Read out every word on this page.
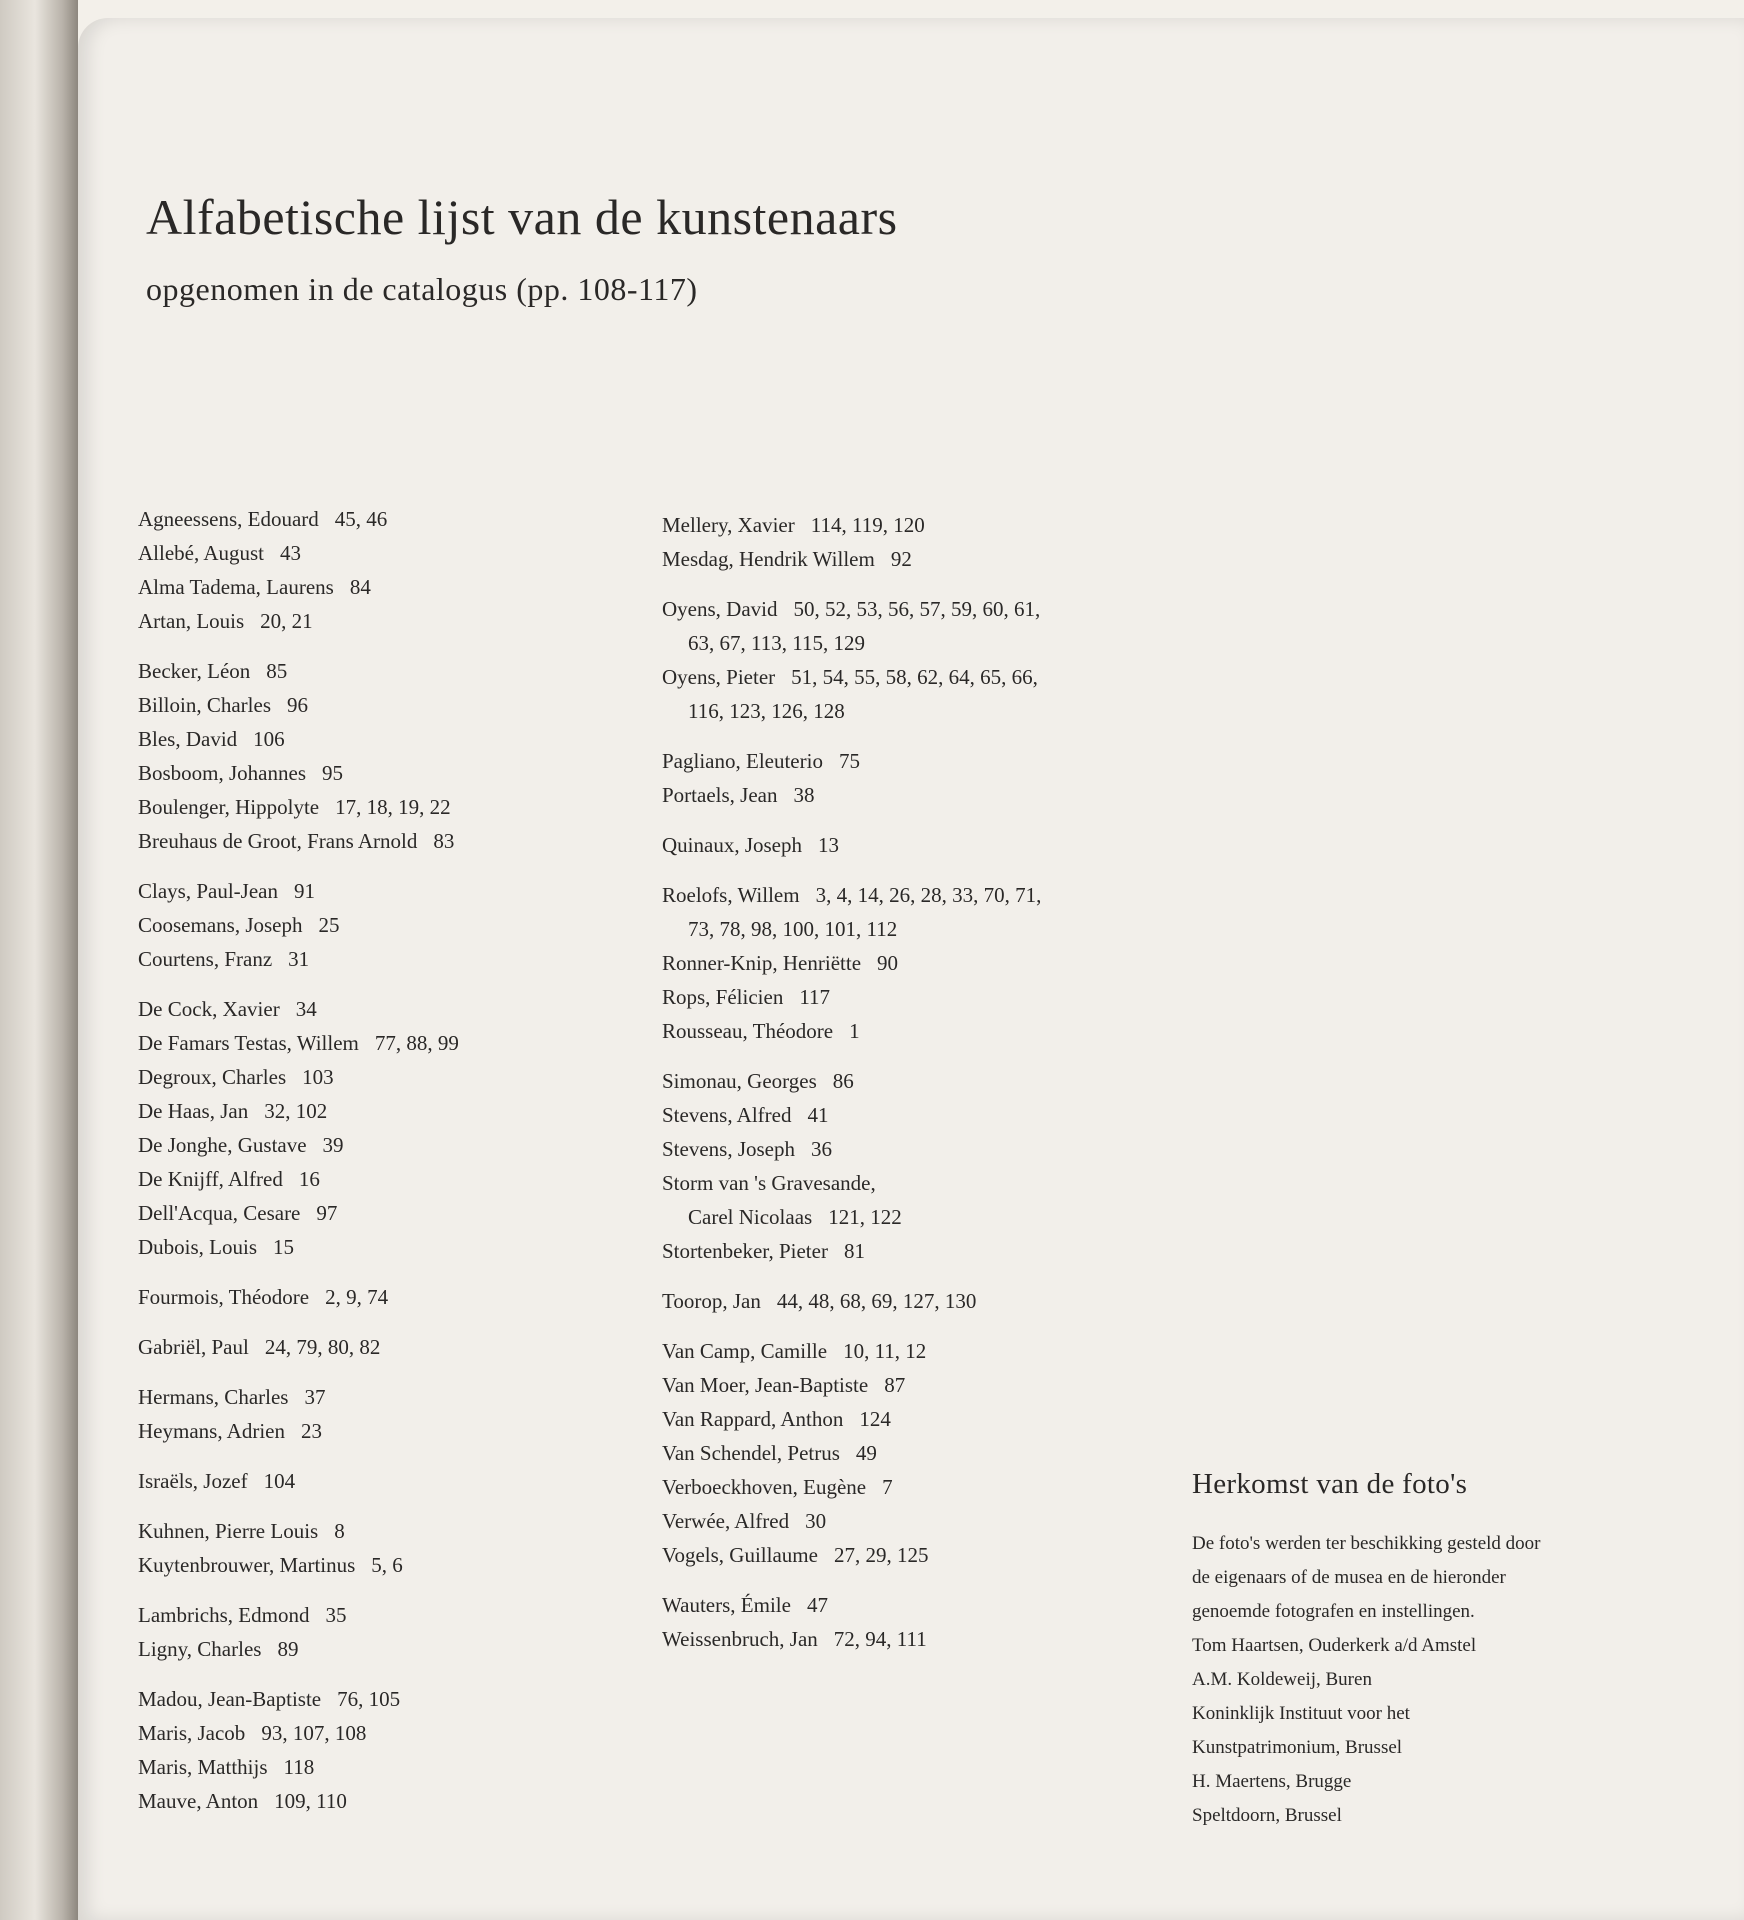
Alfabetische lijst van de kunstenaars
opgenomen in de catalogus (pp. 108-117)
Agneessens, Edouard 45, 46
Allebé, August 43
Alma Tadema, Laurens 84
Artan, Louis 20, 21
Becker, Léon 85
Billoin, Charles 96
Bles, David 106
Bosboom, Johannes 95
Boulenger, Hippolyte 17, 18, 19, 22
Breuhaus de Groot, Frans Arnold 83
Clays, Paul-Jean 91
Coosemans, Joseph 25
Courtens, Franz 31
De Cock, Xavier 34
De Famars Testas, Willem 77, 88, 99
Degroux, Charles 103
De Haas, Jan 32, 102
De Jonghe, Gustave 39
De Knijff, Alfred 16
Dell'Acqua, Cesare 97
Dubois, Louis 15
Fourmois, Théodore 2, 9, 74
Gabriël, Paul 24, 79, 80, 82
Hermans, Charles 37
Heymans, Adrien 23
Israëls, Jozef 104
Kuhnen, Pierre Louis 8
Kuytenbrouwer, Martinus 5, 6
Lambrichs, Edmond 35
Ligny, Charles 89
Madou, Jean-Baptiste 76, 105
Maris, Jacob 93, 107, 108
Maris, Matthijs 118
Mauve, Anton 109, 110
Mellery, Xavier 114, 119, 120
Mesdag, Hendrik Willem 92
Oyens, David 50, 52, 53, 56, 57, 59, 60, 61,
63, 67, 113, 115, 129
Oyens, Pieter 51, 54, 55, 58, 62, 64, 65, 66,
116, 123, 126, 128
Pagliano, Eleuterio 75
Portaels, Jean 38
Quinaux, Joseph 13
Roelofs, Willem 3, 4, 14, 26, 28, 33, 70, 71,
73, 78, 98, 100, 101, 112
Ronner-Knip, Henriëtte 90
Rops, Félicien 117
Rousseau, Théodore 1
Simonau, Georges 86
Stevens, Alfred 41
Stevens, Joseph 36
Storm van 's Gravesande,
Carel Nicolaas 121, 122
Stortenbeker, Pieter 81
Toorop, Jan 44, 48, 68, 69, 127, 130
Van Camp, Camille 10, 11, 12
Van Moer, Jean-Baptiste 87
Van Rappard, Anthon 124
Van Schendel, Petrus 49
Verboeckhoven, Eugène 7
Verwée, Alfred 30
Vogels, Guillaume 27, 29, 125
Wauters, Émile 47
Weissenbruch, Jan 72, 94, 111
Herkomst van de foto's

De foto's werden ter beschikking gesteld door
de eigenaars of de musea en de hieronder
genoemde fotografen en instellingen.
Tom Haartsen, Ouderkerk a/d Amstel
A.M. Koldeweij, Buren
Koninklijk Instituut voor het
Kunstpatrimonium, Brussel
H. Maertens, Brugge
Speltdoorn, Brussel
